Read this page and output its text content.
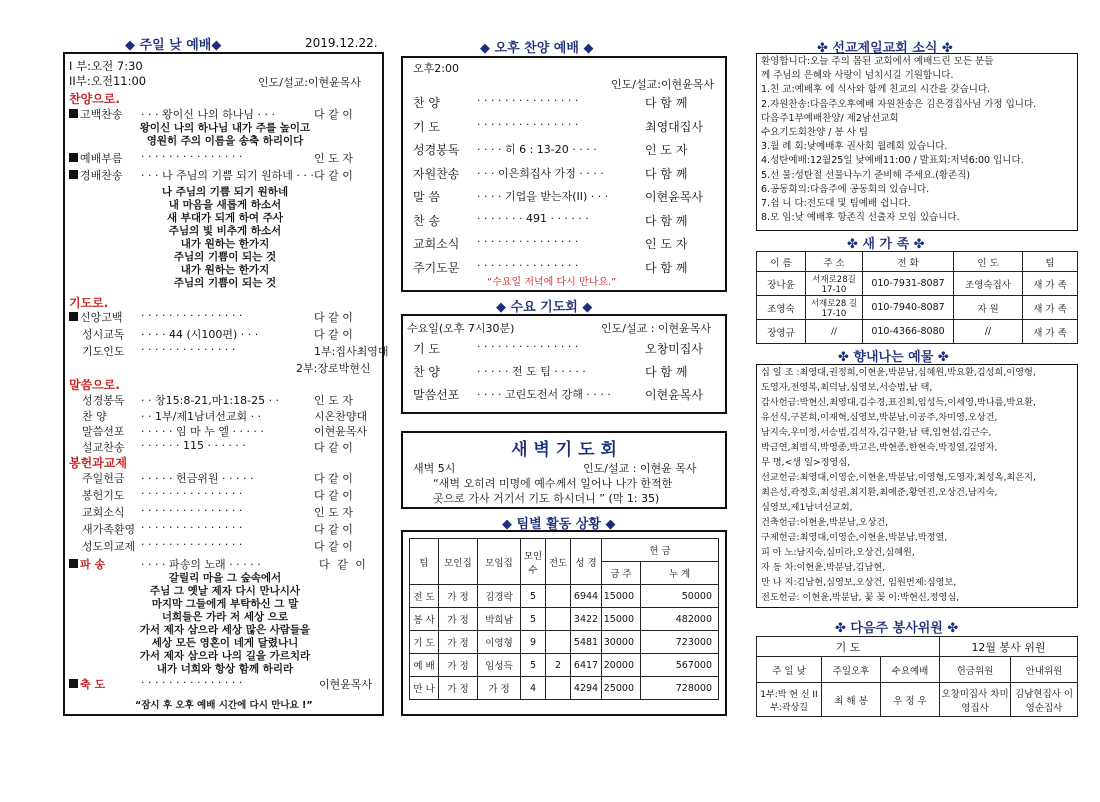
◆ 주일 낮 예배◆	2019.12.22.
I 부:오전 7:30
II부:오전11:00	인도/설교:이현윤목사
찬양으로.
고백찬송 · · · 왕이신 나의 하나님 · · ·	다 같 이
왕이신 나의 하나님 내가 주를 높이고
영원히 주의 이름을 송축 하리이다
예배부름 · · · · · · · · · · · · · · ·	인 도 자
경배찬송 · · · 나 주님의 기쁨 되기 원하네 · · · 다 같 이
나 주님의 기쁨 되기 원하네
내 마음을 새롭게 하소서
새 부대가 되게 하여 주사
주님의 빛 비추게 하소서
내가 원하는 한가지
주님의 기쁨이 되는 것
내가 원하는 한가지
주님의 기쁨이 되는 것
기도로.
신앙고백 · · · · · · · · · · · · · · ·	다 같 이
성시교독 · · · · 44 (시100편) · · ·	다 같 이
기도인도 · · · · · · · · · · · · · ·	1부:집사최영대
2부:장로박현신
말씀으로.
성경봉독 · · 창15:8-21,마1:18-25 · ·	인 도 자
찬 양	· · 1부/제1남녀선교회 · ·	시온찬양대
말씀선포 · · · · · 임 마 누 엘 · · · · ·	이현윤목사
설교찬송 · · · · · · 115 · · · · · ·	다 같 이
봉헌과교제
주일헌금 · · · · · 헌금위원 · · · · ·	다 같 이
봉헌기도 · · · · · · · · · · · · · · ·	다 같 이
교회소식 · · · · · · · · · · · · · · ·	인 도 자
새가족환영 · · · · · · · · · · · · · · ·	다 같 이
성도의교제 · · · · · · · · · · · · · · ·	다 같 이
파 송	· · · · 파송의 노래 · · · · ·	다 같 이
갈릴리 마을 그 숲속에서
주님 그 옛날 제자 다시 만나시사
마지막 그들에게 부탁하신 그 말
너희들은 가라 저 세상 으로
가서 제자 삼으라 세상 많은 사람들을
세상 모든 영혼이 네게 달렸나니
가서 제자 삼으라 나의 길을 가르치라
내가 너희와 항상 함께 하리라
축 도	· · · · · · · · · · · · · · ·	이현윤목사
“잠시 후 오후 예배 시간에 다시 만나요 !”
◆ 오후 찬양 예배 ◆
오후2:00
인도/설교:이현윤목사
찬 양	· · · · · · · · · · · · · · ·	다 함 께
기 도	· · · · · · · · · · · · · · ·	최영대집사
성경봉독 · · · · 히 6 : 13-20 · · · ·	인 도 자
자원찬송 · · · 이은희집사 가정 · · · ·	다 함 께
말 씀	· · · · 기업을 받는자(II) · · ·	이현윤목사
찬 송	· · · · · · · 491 · · · · · ·	다 함 께
교회소식 · · · · · · · · · · · · · · ·	인 도 자
주기도문 · · · · · · · · · · · · · · ·	다 함 께
“수요일 저녁에 다시 만나요.”
◆ 수요 기도회 ◆
수요일(오후 7시30분)	인도/설교 : 이현윤목사
기 도	· · · · · · · · · · · · · · ·	오창미집사
찬 양	· · · · · 전 도 팀 · · · · ·	다 함 께
말씀선포 · · · · 고린도전서 강해 · · · ·	이현윤목사
새 벽 기 도 회
새벽 5시	인도/설교 : 이현윤 목사
“새벽 오히려 미명에 예수께서 일어나 나가 한적한
곳으로 가사 거기서 기도 하시더니 ” (막 1: 35)
◆ 팀별 활동 상황 ◆
팀	모인집	모임집	모인수	전도	성 경	헌 금	
						금 주	누 계
전 도	가 정	김경락	5		6944	15000	50000
봉 사	가 정	박희남	5		3422	15000	482000
기 도	가 정	이영형	9		5481	30000	723000
예 배	가 정	임성득	5	2	6417	20000	567000
만 나	가 정	가 정	4		4294	25000	728000
✤ 선교제일교회 소식 ✤
환영합니다:오늘 주의 몸된 교회에서 예배드린 모든 분들
께 주님의 은혜와 사랑이 넘치시길 기원합니다.
1.친 교:예배후 에 식사와 함께 친교의 시간을 갖습니다.
2.자원찬송:다음주오후예배 자원찬송은 김은경집사님 가정 입니다.
다음주1부예배찬양/ 제2남선교회
수요기도회찬양 / 봉 사 팀
3.월 례 회:낮예배후 권사회 월례회 있습니다.
4.성탄예배:12월25일 낮예배11:00 / 발표회:저녁6:00 입니다.
5.선 물:성탄절 선물나누기 준비해 주세요.(황존직)
6.공동회의:다음주에 공동회의 있습니다.
7.쉼 니 다:전도대 및 팀예배 쉽니다.
8.모 임:낮 예배후 항존직 선출자 모임 있습니다.
✤ 새 가 족 ✤
이 름	주 소	전 화	인 도	팀
장나윤	서재로28길 17-10	010-7931-8087	조영숙집사	새 가 족
조영숙	서재로28 길17-10	010-7940-8087	자 원	새 가 족
장영규	//	010-4366-8080	//	새 가 족
✤ 향내나는 예물 ✤
십 일 조 :최영대,권정희,이현윤,박분남,심혜원,박요환,김성희,이영형,
도영자,전영복,최덕남,심영보,서승범,남 택,
감사헌금:박현신,최영대,김수경,표진희,임성득,이세영,박나름,박요환,
유선식,구본희,이재혁,심영보,박분남,이공주,차미영,오상건,
남지숙,우미정,서승범,김석자,김구환,남 택,임현섭,김근수,
박금연,최범식,박영종,박고은,박현종,한현숙,박정열,김영자,
무 명,<생 일>정영심,
선교헌금:최영대,이영순,이현윤,박분남,이영형,도영자,최성옥,최은지,
최은성,곽정호,최성권,최지환,최예준,황연진,오상건,남지숙,
심영보,제1남녀선교회,
건축헌금:이현윤,박분남,오상건,
구제헌금:최영대,이영순,이현윤,박분남,박정열,
피 아 노:남지숙,심미라,오상건,심혜원,
자 동 차:이현윤,박분남,김남현,
만 나 지:김남현,심영보,오상건, 임원번제:심영보,
전도헌금: 이현윤,박분남, 꽃 꽂 이:박현신,정영심,
✤ 다음주 봉사위원 ✤
기 도			12월 봉사 위원	
주 일 낮	주일오후	수요예배	헌금위원	안내위원
1부:박 현 신 II부:곽상길	최 해 봉	우 정 우	오창미집사 차미영집사	김남현집사 이영순집사
